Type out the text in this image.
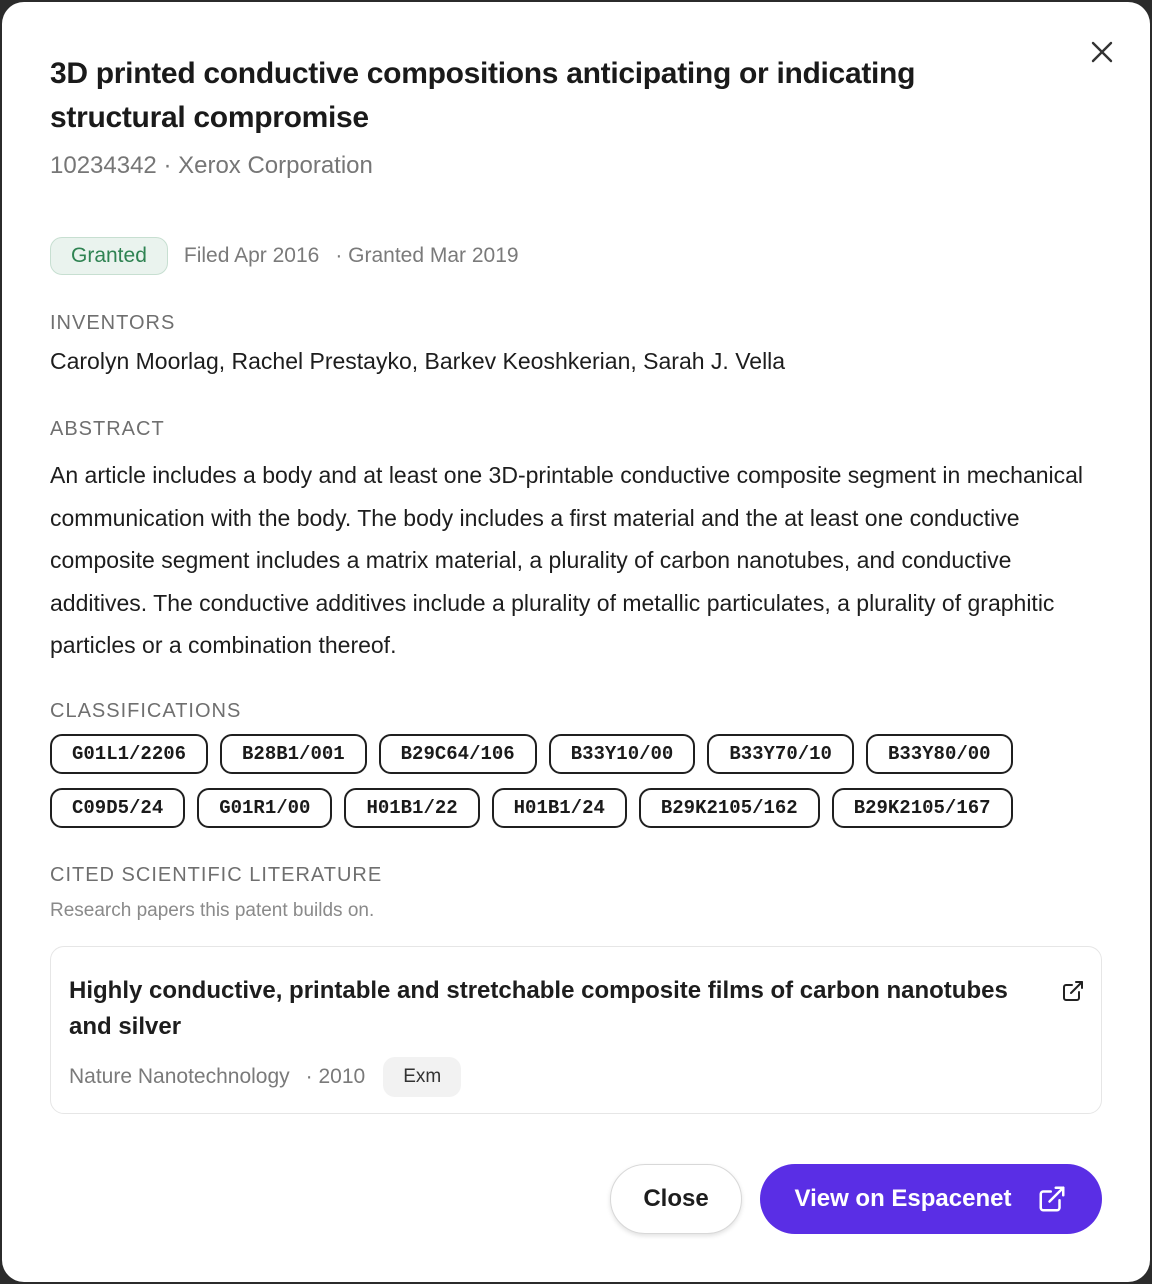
3D printed conductive compositions anticipating or indicating structural compromise
10234342 · Xerox Corporation
Granted	Filed Apr 2016 · Granted Mar 2019
INVENTORS
Carolyn Moorlag, Rachel Prestayko, Barkev Keoshkerian, Sarah J. Vella
ABSTRACT

An article includes a body and at least one 3D-printable conductive composite segment in mechanical communication with the body. The body includes a first material and the at least one conductive composite segment includes a matrix material, a plurality of carbon nanotubes, and conductive additives. The conductive additives include a plurality of metallic particulates, a plurality of graphitic particles or a combination thereof.

CLASSIFICATIONS
G01L1/2206	B28B1/001	B29C64/106	B33Y10/00	B33Y70/10	B33Y80/00
C09D5/24	G01R1/00	H01B1/22	H01B1/24	B29K2105/162	B29K2105/167
CITED SCIENTIFIC LITERATURE
Research papers this patent builds on.

Highly conductive, printable and stretchable composite films of carbon nanotubes and silver

Nature Nanotechnology · 2010	Exm
Close	View on Espacenet
